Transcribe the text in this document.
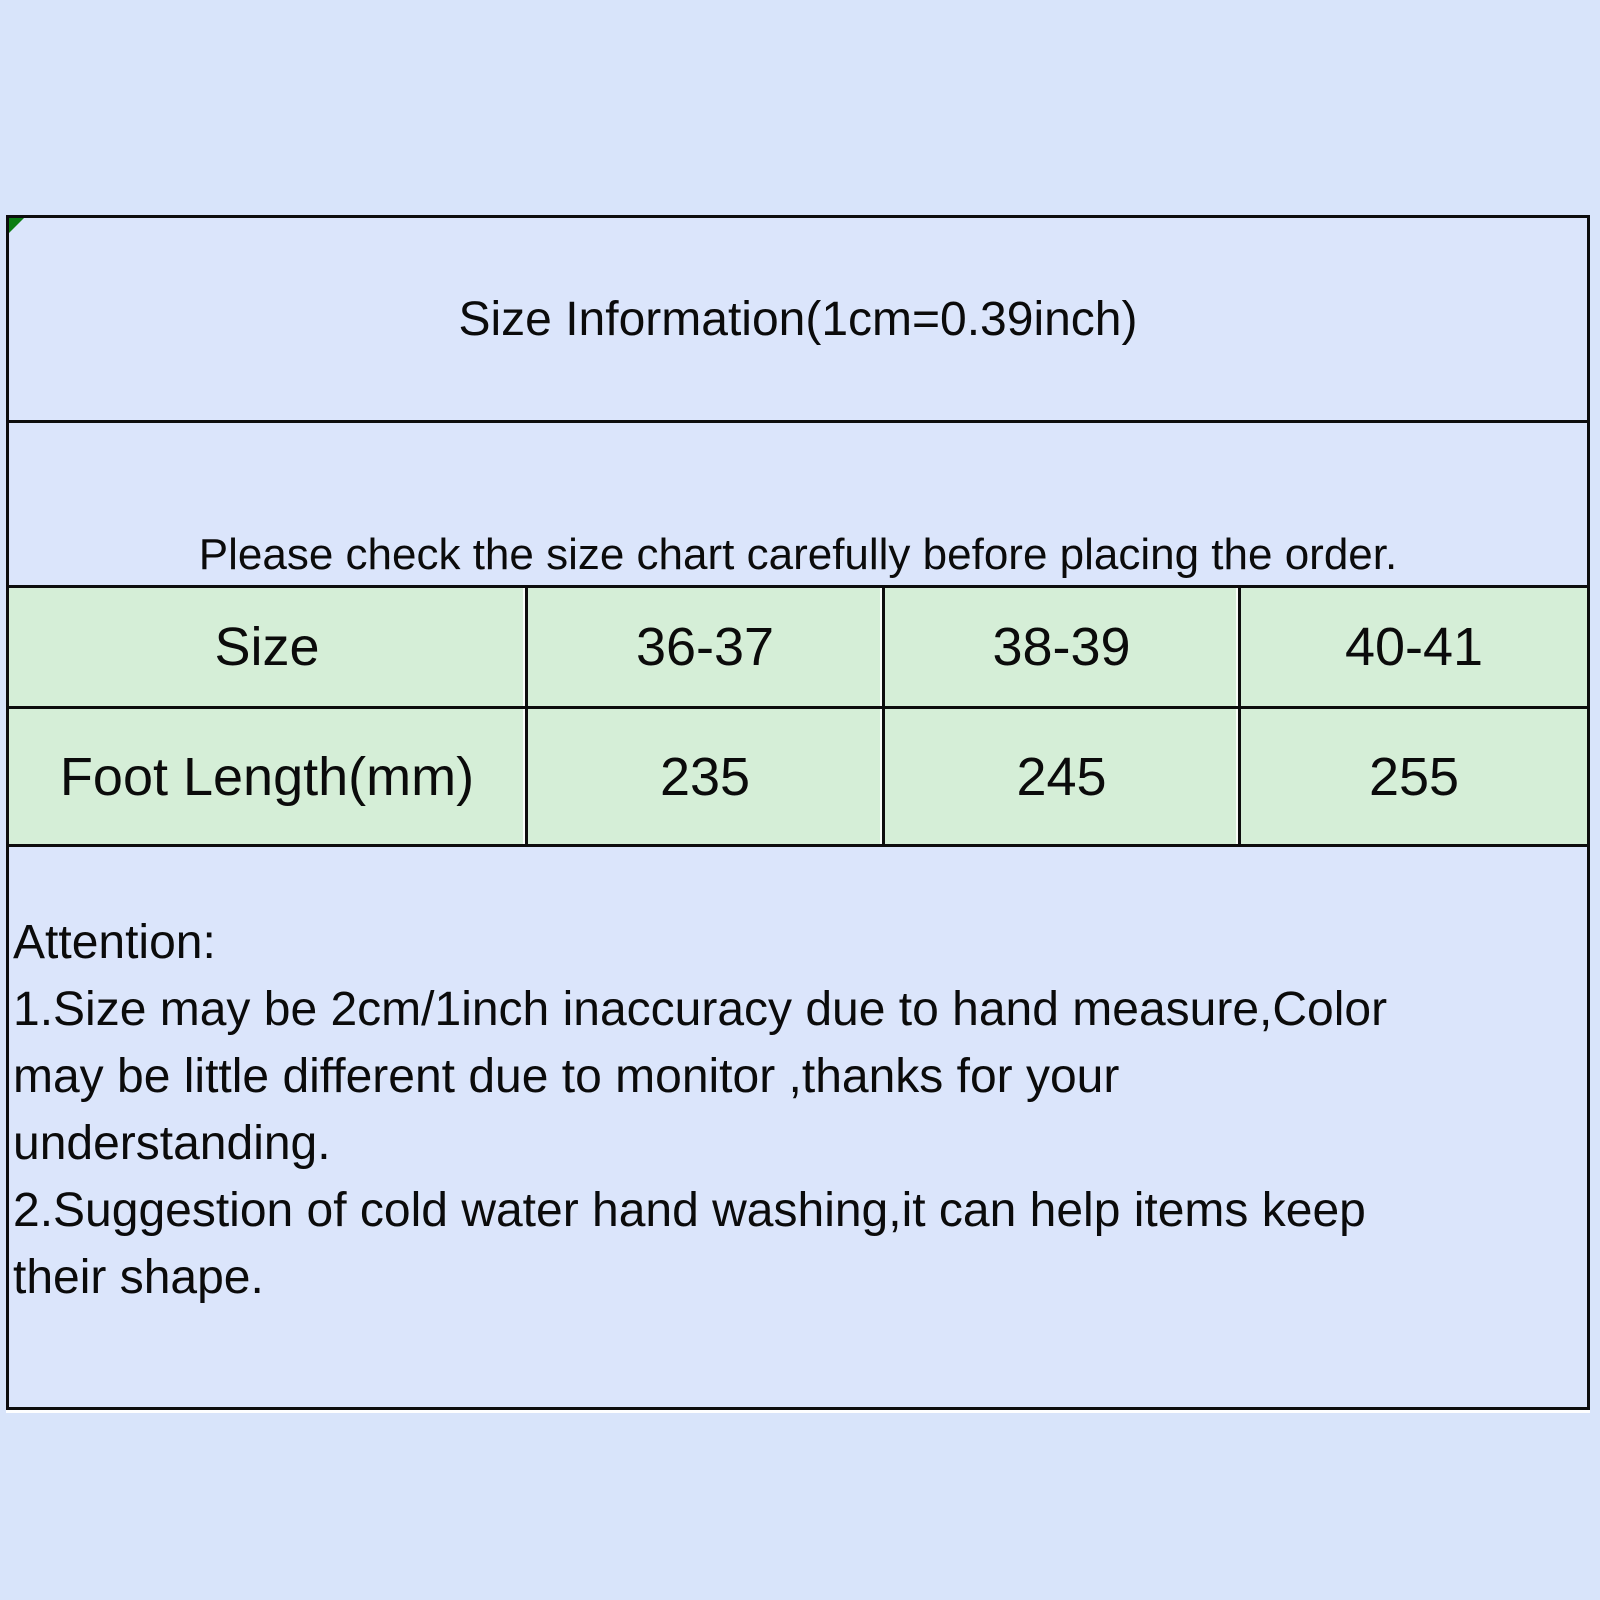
Size Information(1cm=0.39inch)
Please check the size chart carefully before placing the order.
Size	36-37	38-39	40-41
Foot Length(mm)	235	245	255
Attention:
1.Size may be 2cm/1inch inaccuracy due to hand measure,Color
may be little different due to monitor ,thanks for your
understanding.
2.Suggestion of cold water hand washing,it can help items keep
their shape.
